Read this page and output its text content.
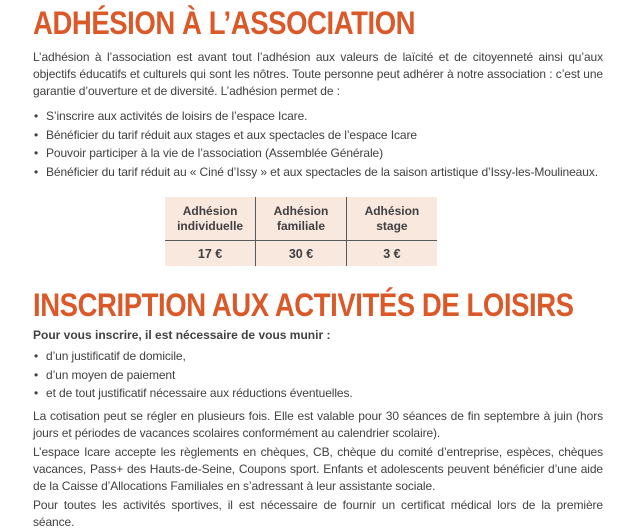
ADHÉSION À L’ASSOCIATION

L’adhésion à l’association est avant tout l’adhésion aux valeurs de laïcité et de citoyenneté ainsi qu’aux objectifs éducatifs et culturels qui sont les nôtres. Toute personne peut adhérer à notre association : c’est une garantie d’ouverture et de diversité. L’adhésion permet de :

• S’inscrire aux activités de loisirs de l’espace Icare.
• Bénéficier du tarif réduit aux stages et aux spectacles de l’espace Icare
• Pouvoir participer à la vie de l’association (Assemblée Générale)
• Bénéficier du tarif réduit au « Ciné d’Issy » et aux spectacles de la saison artistique d’Issy-les-Moulineaux.
Adhésion individuelle	Adhésion familiale	Adhésion stage
17 €	30 €	3 €
INSCRIPTION AUX ACTIVITÉS DE LOISIRS

Pour vous inscrire, il est nécessaire de vous munir :

• d’un justificatif de domicile,
• d’un moyen de paiement
• et de tout justificatif nécessaire aux réductions éventuelles.

La cotisation peut se régler en plusieurs fois. Elle est valable pour 30 séances de fin septembre à juin (hors jours et périodes de vacances scolaires conformément au calendrier scolaire).

L’espace Icare accepte les règlements en chèques, CB, chèque du comité d’entreprise, espèces, chèques vacances, Pass+ des Hauts-de-Seine, Coupons sport. Enfants et adolescents peuvent bénéficier d’une aide de la Caisse d’Allocations Familiales en s’adressant à leur assistante sociale.

Pour toutes les activités sportives, il est nécessaire de fournir un certificat médical lors de la première séance.
